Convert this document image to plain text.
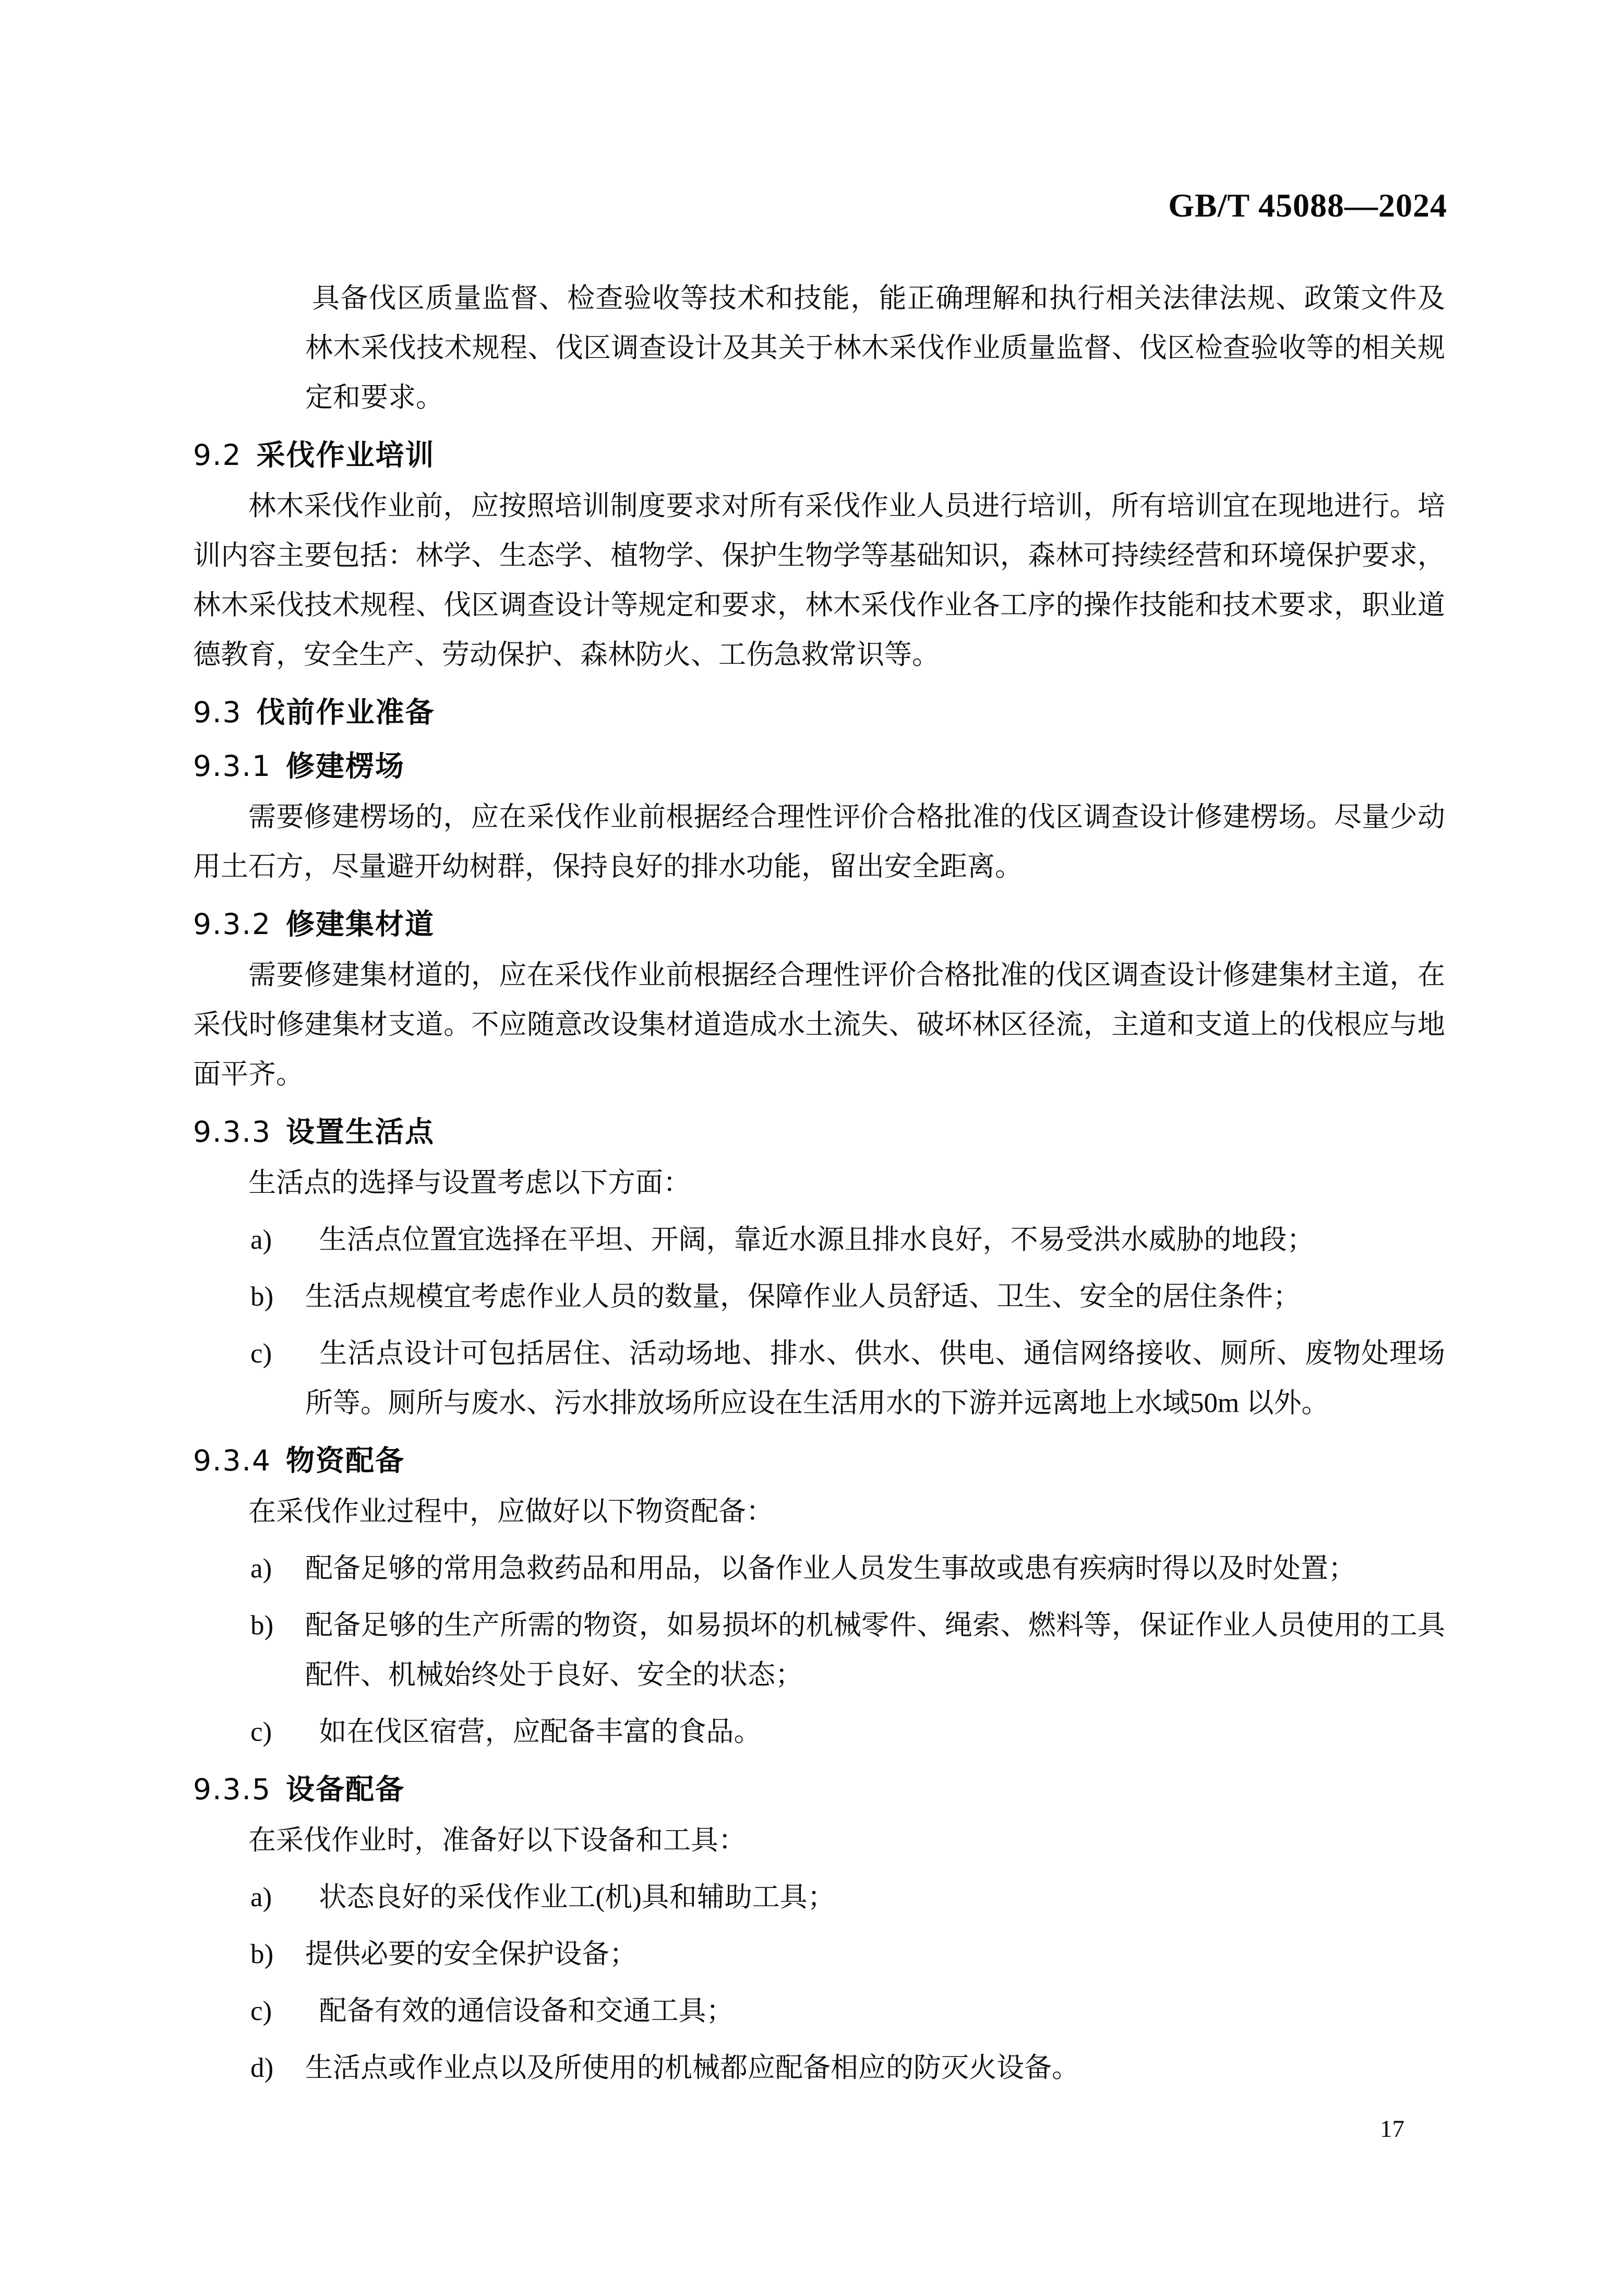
GB/T 45088—2024

具备伐区质量监督、检查验收等技术和技能，能正确理解和执行相关法律法规、政策文件及林木采伐技术规程、伐区调查设计及其关于林木采伐作业质量监督、伐区检查验收等的相关规定和要求。

9.2 采伐作业培训

林木采伐作业前，应按照培训制度要求对所有采伐作业人员进行培训，所有培训宜在现地进行。培训内容主要包括：林学、生态学、植物学、保护生物学等基础知识，森林可持续经营和环境保护要求，林木采伐技术规程、伐区调查设计等规定和要求，林木采伐作业各工序的操作技能和技术要求，职业道德教育，安全生产、劳动保护、森林防火、工伤急救常识等。

9.3 伐前作业准备
9.3.1 修建楞场

需要修建楞场的，应在采伐作业前根据经合理性评价合格批准的伐区调查设计修建楞场。尽量少动用土石方，尽量避开幼树群，保持良好的排水功能，留出安全距离。

9.3.2 修建集材道

需要修建集材道的，应在采伐作业前根据经合理性评价合格批准的伐区调查设计修建集材主道，在采伐时修建集材支道。不应随意改设集材道造成水土流失、破坏林区径流，主道和支道上的伐根应与地面平齐。

9.3.3 设置生活点

生活点的选择与设置考虑以下方面：

a)  生活点位置宜选择在平坦、开阔，靠近水源且排水良好，不易受洪水威胁的地段；
b) 生活点规模宜考虑作业人员的数量，保障作业人员舒适、卫生、安全的居住条件；
c)  生活点设计可包括居住、活动场地、排水、供水、供电、通信网络接收、厕所、废物处理场所等。厕所与废水、污水排放场所应设在生活用水的下游并远离地上水域50m 以外。
9.3.4 物资配备

在采伐作业过程中，应做好以下物资配备：

a) 配备足够的常用急救药品和用品，以备作业人员发生事故或患有疾病时得以及时处置；
b) 配备足够的生产所需的物资，如易损坏的机械零件、绳索、燃料等，保证作业人员使用的工具配件、机械始终处于良好、安全的状态；
c)  如在伐区宿营，应配备丰富的食品。
9.3.5 设备配备

在采伐作业时，准备好以下设备和工具：

a)  状态良好的采伐作业工(机)具和辅助工具；
b) 提供必要的安全保护设备；
c)  配备有效的通信设备和交通工具；
d) 生活点或作业点以及所使用的机械都应配备相应的防灭火设备。
17
